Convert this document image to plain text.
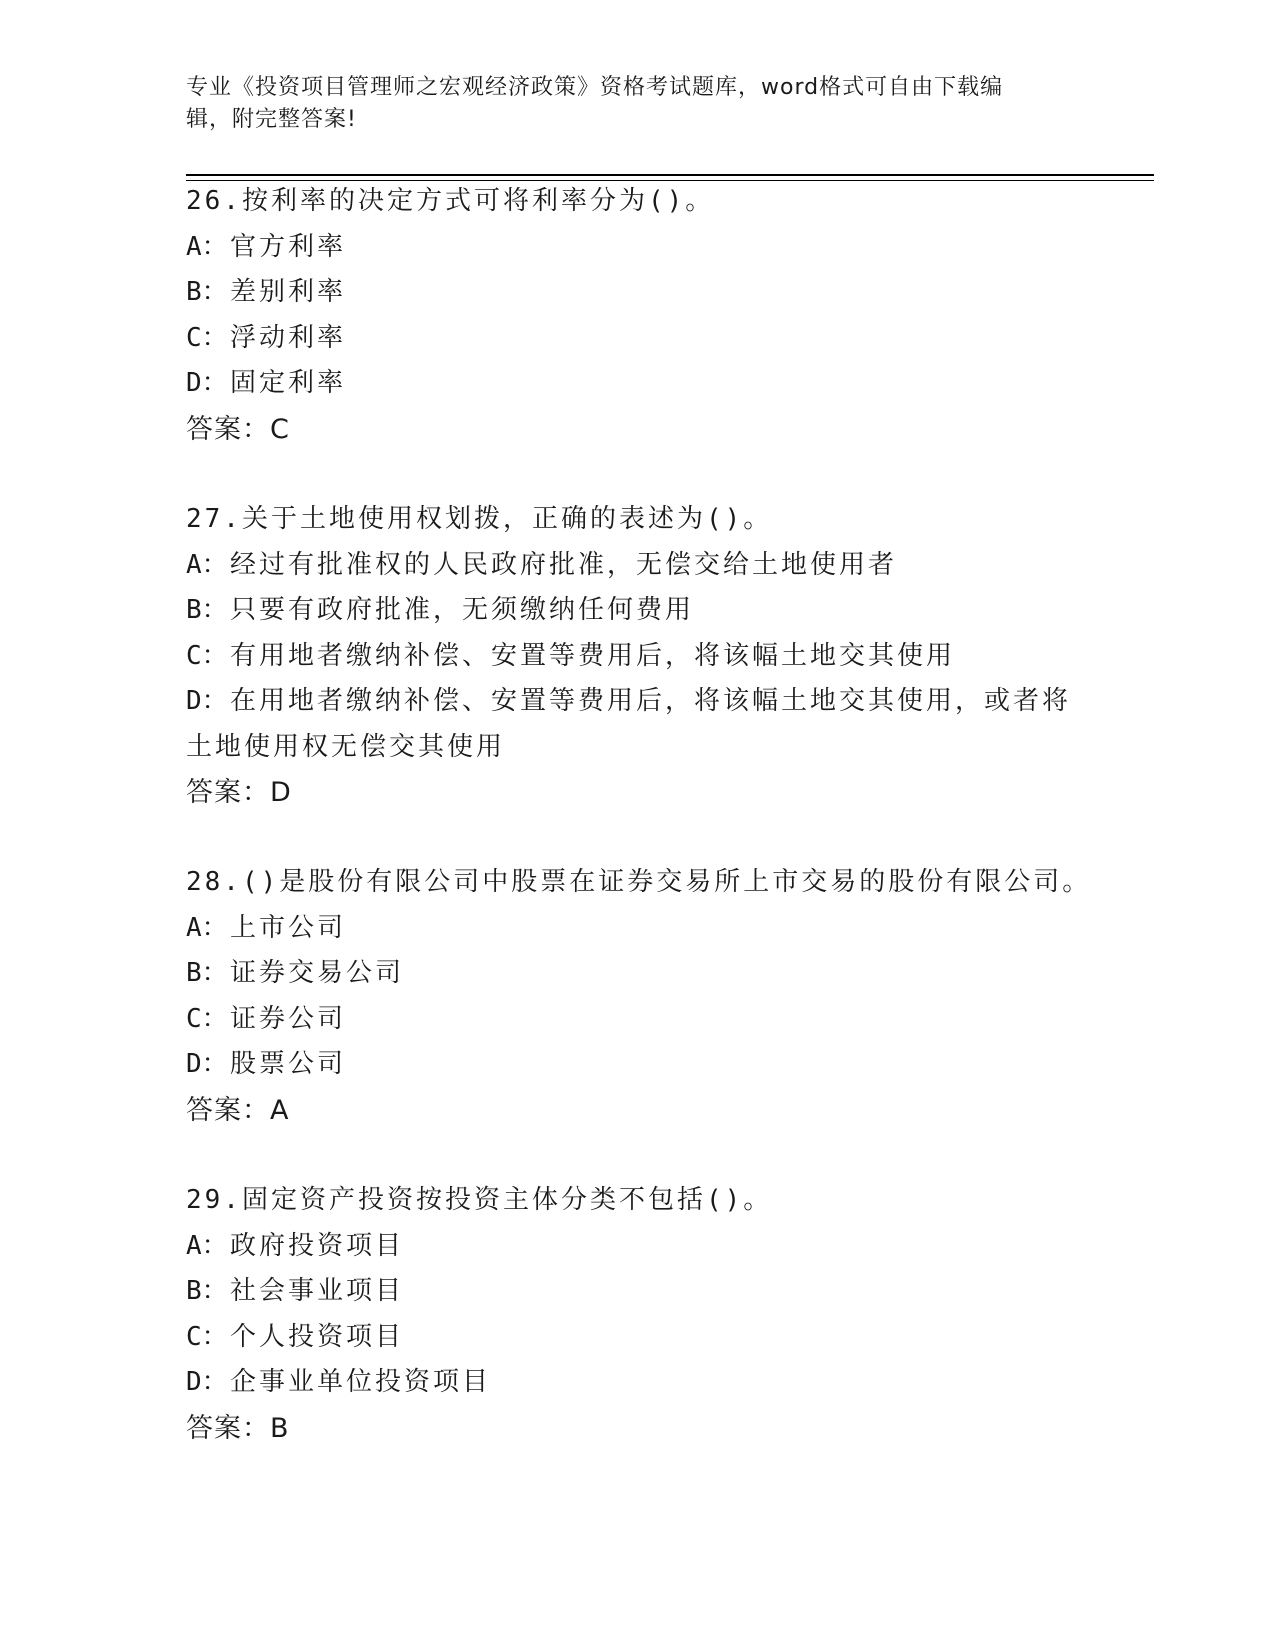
专业《投资项目管理师之宏观经济政策》资格考试题库，word格式可自由下载编
辑，附完整答案!
26.按利率的决定方式可将利率分为()。
A：官方利率
B：差别利率
C：浮动利率
D：固定利率
答案：C
27.关于土地使用权划拨，正确的表述为()。
A：经过有批准权的人民政府批准，无偿交给土地使用者
B：只要有政府批准，无须缴纳任何费用
C：有用地者缴纳补偿、安置等费用后，将该幅土地交其使用
D：在用地者缴纳补偿、安置等费用后，将该幅土地交其使用，或者将
土地使用权无偿交其使用
答案：D
28.()是股份有限公司中股票在证券交易所上市交易的股份有限公司。
A：上市公司
B：证券交易公司
C：证券公司
D：股票公司
答案：A
29.固定资产投资按投资主体分类不包括()。
A：政府投资项目
B：社会事业项目
C：个人投资项目
D：企事业单位投资项目
答案：B
